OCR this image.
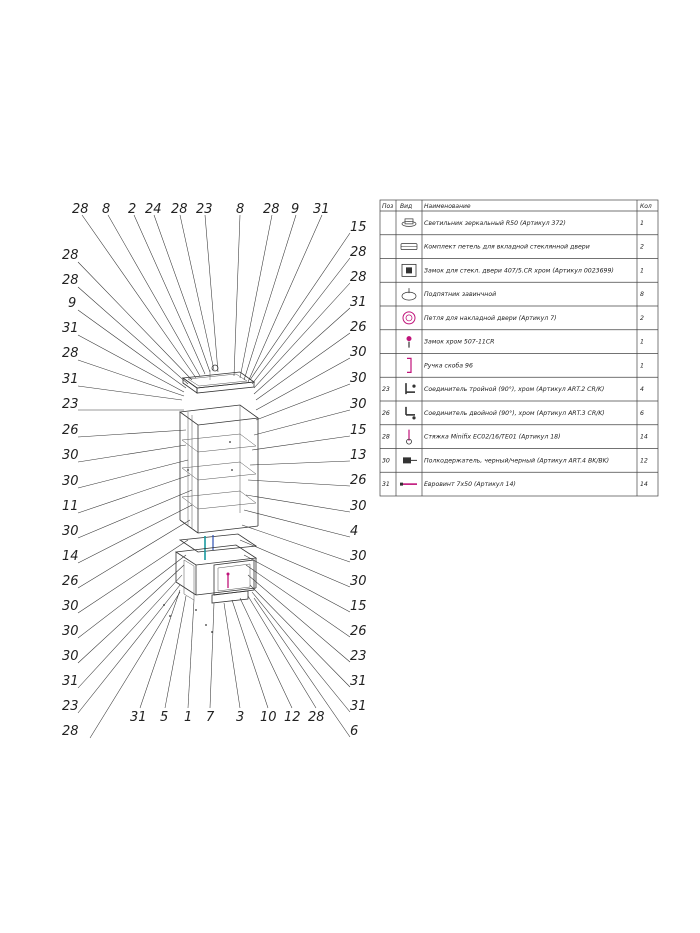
28 8 2 24 28 23 8 28 9 31
28
28
9
31
28
31
23
26
30
30
11
30
14
26
30
30
30
31
23
28
15
28
28
31
26
30
30
30
15
13
26
30
4
30
30
15
26
23
31
31
6
31 5 1 7 3 10 12 28
Поз Вид Наименование	Кол
Светильник зеркальный R50 (Артикул 372)	1
Комплект петель для вкладной стеклянной двери	2
Замок для стекл. двери 407/5.CR хром (Артикул 0023699)	1
Подпятник завинчной	8
Петля для накладной двери (Артикул 7)	2
Замок хром 507-11CR	1
Ручка скоба 96	1
23	Соединитель тройной (90°), хром (Артикул ART.2 CR/K)	4
26	Соединитель двойной (90°), хром (Артикул ART.3 CR/K)	6
28	Стяжка Minifix EC02/16/TE01 (Артикул 18)	14
30	Полкодержатель, черный/черный (Артикул ART.4 BK/BK)	12
31	Евровинт 7х50 (Артикул 14)	14
